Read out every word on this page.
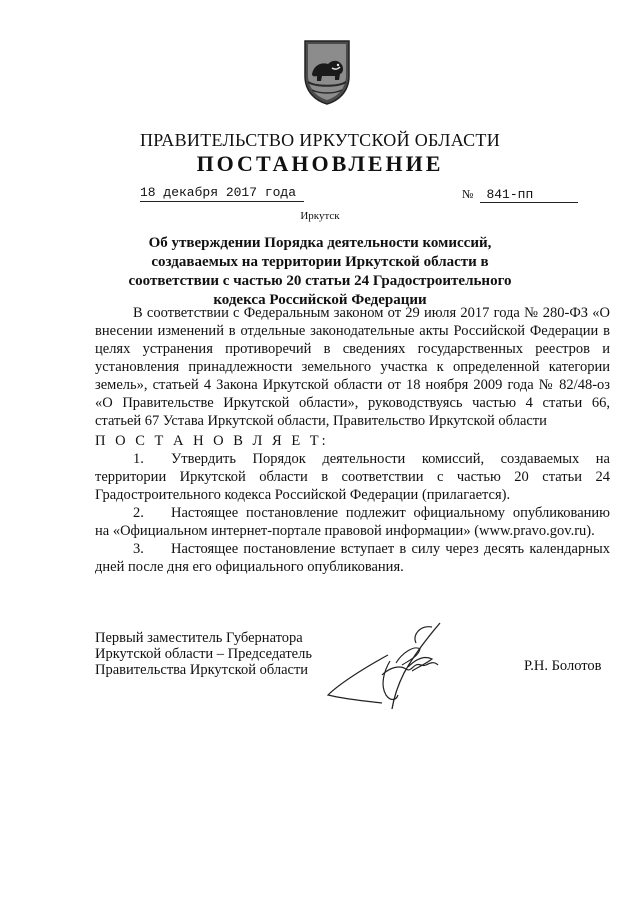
ПРАВИТЕЛЬСТВО ИРКУТСКОЙ ОБЛАСТИ
ПОСТАНОВЛЕНИЕ
18 декабря 2017 года	№ 841-пп
Иркутск
Об утверждении Порядка деятельности комиссий, создаваемых на территории Иркутской области в соответствии с частью 20 статьи 24 Градостроительного кодекса Российской Федерации

В соответствии с Федеральным законом от 29 июля 2017 года № 280-ФЗ «О внесении изменений в отдельные законодательные акты Российской Федерации в целях устранения противоречий в сведениях государственных реестров и установления принадлежности земельного участка к определенной категории земель», статьей 4 Закона Иркутской области от 18 ноября 2009 года № 82/48-оз «О Правительстве Иркутской области», руководствуясь частью 4 статьи 66, статьей 67 Устава Иркутской области, Правительство Иркутской области

П О С Т А Н О В Л Я Е Т:

1. Утвердить Порядок деятельности комиссий, создаваемых на территории Иркутской области в соответствии с частью 20 статьи 24 Градостроительного кодекса Российской Федерации (прилагается).

2. Настоящее постановление подлежит официальному опубликованию на «Официальном интернет-портале правовой информации» (www.pravo.gov.ru).

3. Настоящее постановление вступает в силу через десять календарных дней после дня его официального опубликования.

Первый заместитель Губернатора
Иркутской области – Председатель
Правительства Иркутской области	Р.Н. Болотов
